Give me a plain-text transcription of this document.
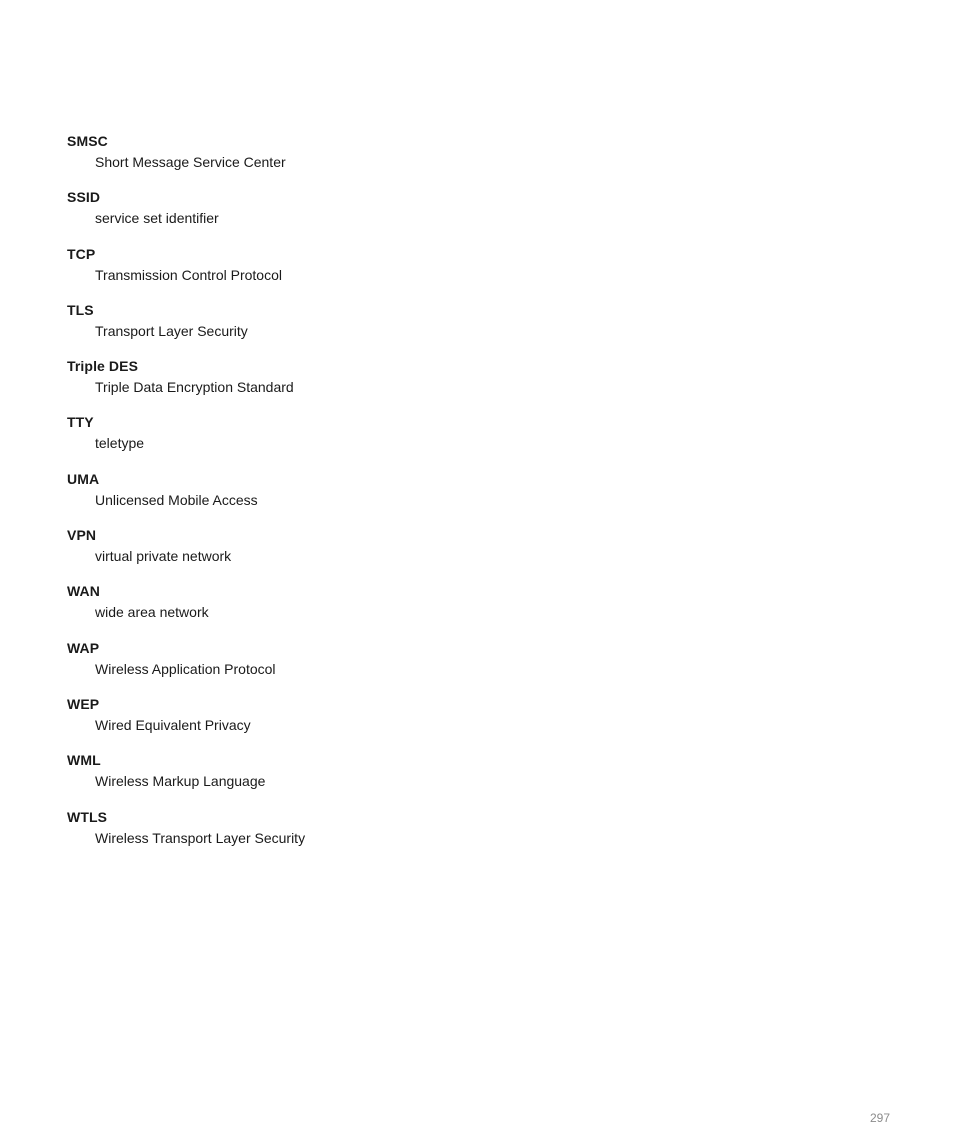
SMSC
Short Message Service Center
SSID
service set identifier
TCP
Transmission Control Protocol
TLS
Transport Layer Security
Triple DES
Triple Data Encryption Standard
TTY
teletype
UMA
Unlicensed Mobile Access
VPN
virtual private network
WAN
wide area network
WAP
Wireless Application Protocol
WEP
Wired Equivalent Privacy
WML
Wireless Markup Language
WTLS
Wireless Transport Layer Security
297
